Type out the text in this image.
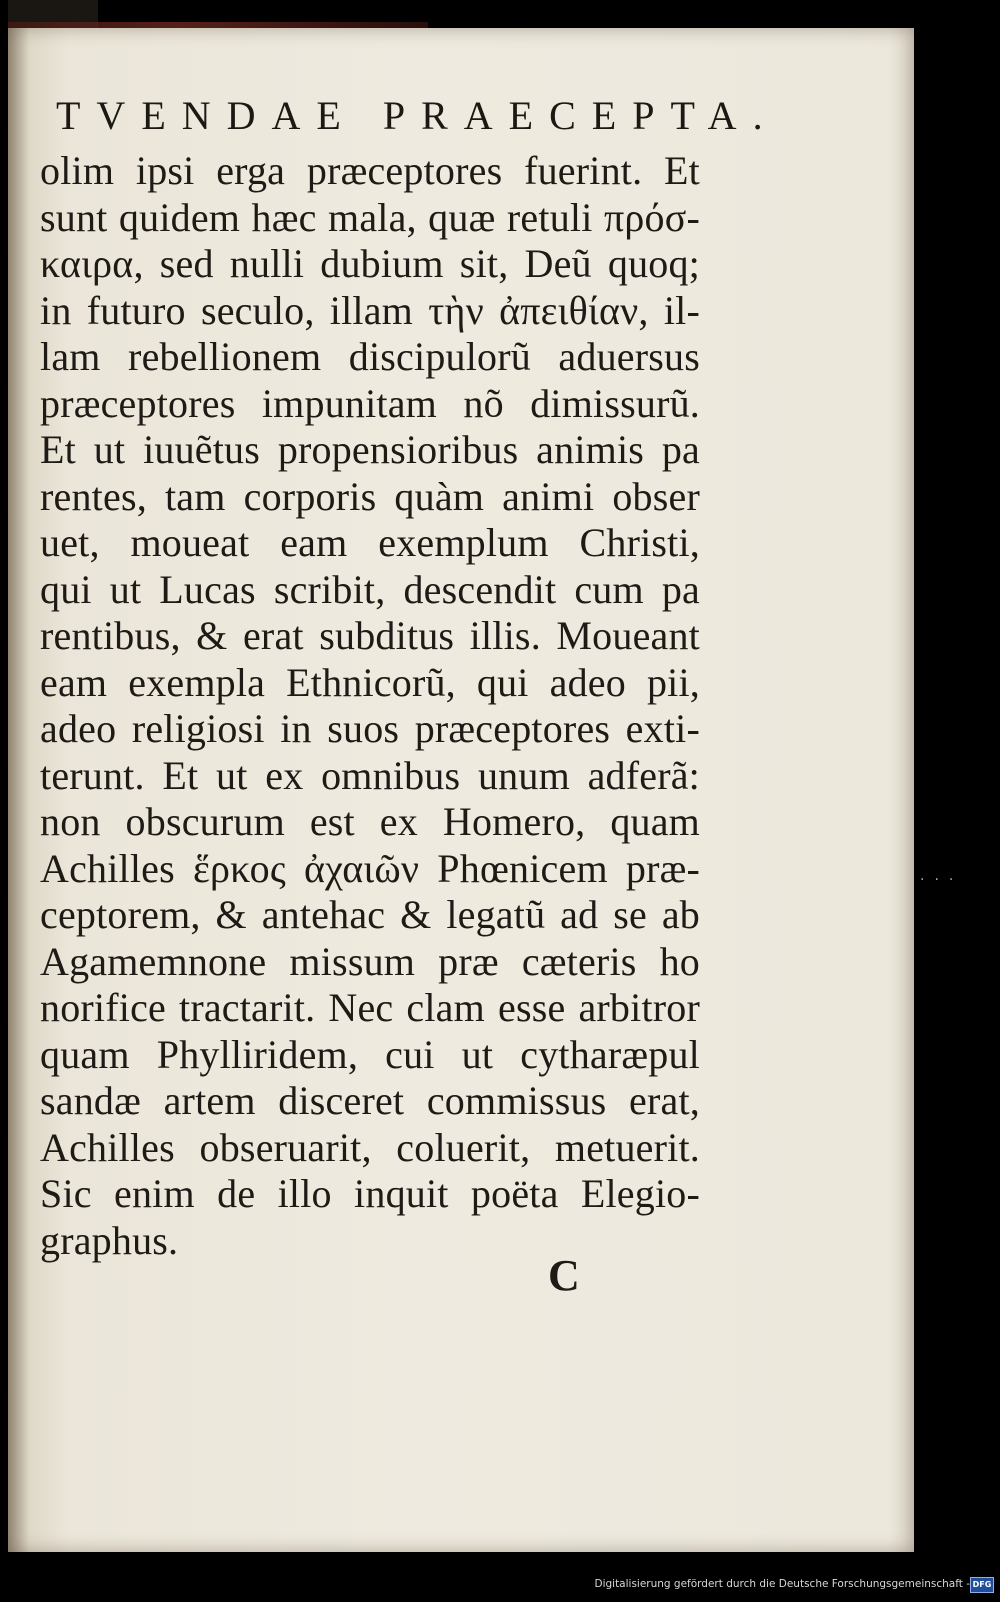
TVENDAE PRAECEPTA.
olim ipsi erga præceptores fuerint. Et
sunt quidem hæc mala, quæ retuli πρόσ-
καιρα, sed nulli dubium sit, Deũ quoq;
in futuro seculo, illam τὴν ἀπειθίαν, il-
lam rebellionem discipulorũ aduersus
præceptores impunitam nõ dimissurũ.
Et ut iuuẽtus propensioribus animis pa
rentes, tam corporis quàm animi obser
uet, moueat eam exemplum Christi,
qui ut Lucas scribit, descendit cum pa
rentibus, & erat subditus illis. Moueant
eam exempla Ethnicorũ, qui adeo pii,
adeo religiosi in suos præceptores exti-
terunt. Et ut ex omnibus unum adferã:
non obscurum est ex Homero, quam
Achilles ἕρκος ἀχαιῶν Phœnicem præ-
ceptorem, & antehac & legatũ ad se ab
Agamemnone missum præ cæteris ho
norifice tractarit. Nec clam esse arbitror
quam Phylliridem, cui ut cytharæpul
sandæ artem disceret commissus erat,
Achilles obseruarit, coluerit, metuerit.
Sic enim de illo inquit poëta Elegio-
graphus.
C
···
Digitalisierung gefördert durch die Deutsche Forschungsgemeinschaft - DFG
